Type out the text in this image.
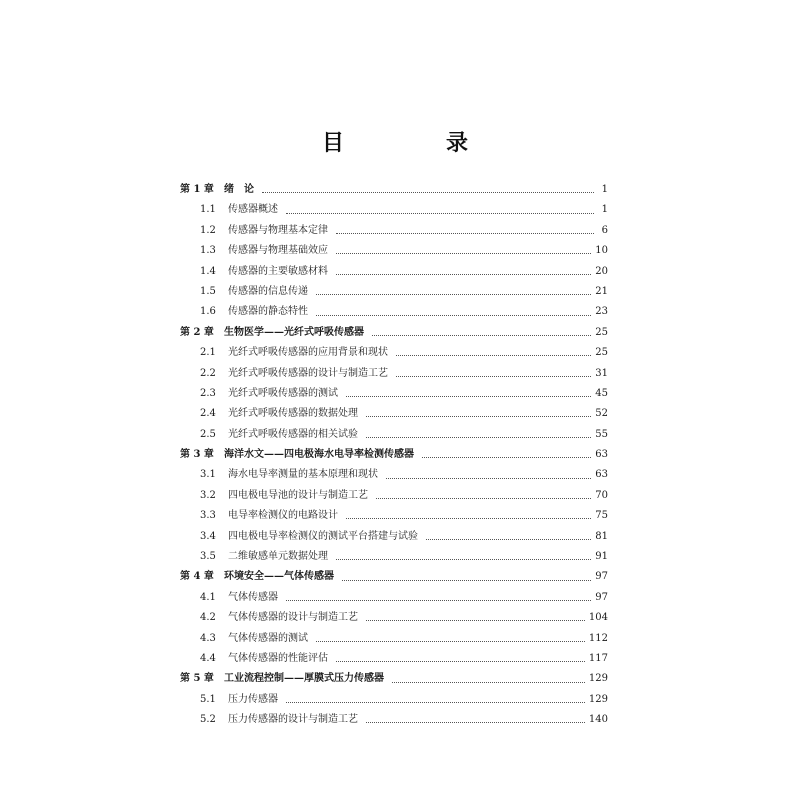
目　录
第 1 章	绪　论	1
1.1	传感器概述	1
1.2	传感器与物理基本定律	6
1.3	传感器与物理基础效应	10
1.4	传感器的主要敏感材料	20
1.5	传感器的信息传递	21
1.6	传感器的静态特性	23
第 2 章	生物医学——光纤式呼吸传感器	25
2.1	光纤式呼吸传感器的应用背景和现状	25
2.2	光纤式呼吸传感器的设计与制造工艺	31
2.3	光纤式呼吸传感器的测试	45
2.4	光纤式呼吸传感器的数据处理	52
2.5	光纤式呼吸传感器的相关试验	55
第 3 章	海洋水文——四电极海水电导率检测传感器	63
3.1	海水电导率测量的基本原理和现状	63
3.2	四电极电导池的设计与制造工艺	70
3.3	电导率检测仪的电路设计	75
3.4	四电极电导率检测仪的测试平台搭建与试验	81
3.5	二维敏感单元数据处理	91
第 4 章	环境安全——气体传感器	97
4.1	气体传感器	97
4.2	气体传感器的设计与制造工艺	104
4.3	气体传感器的测试	112
4.4	气体传感器的性能评估	117
第 5 章	工业流程控制——厚膜式压力传感器	129
5.1	压力传感器	129
5.2	压力传感器的设计与制造工艺	140
